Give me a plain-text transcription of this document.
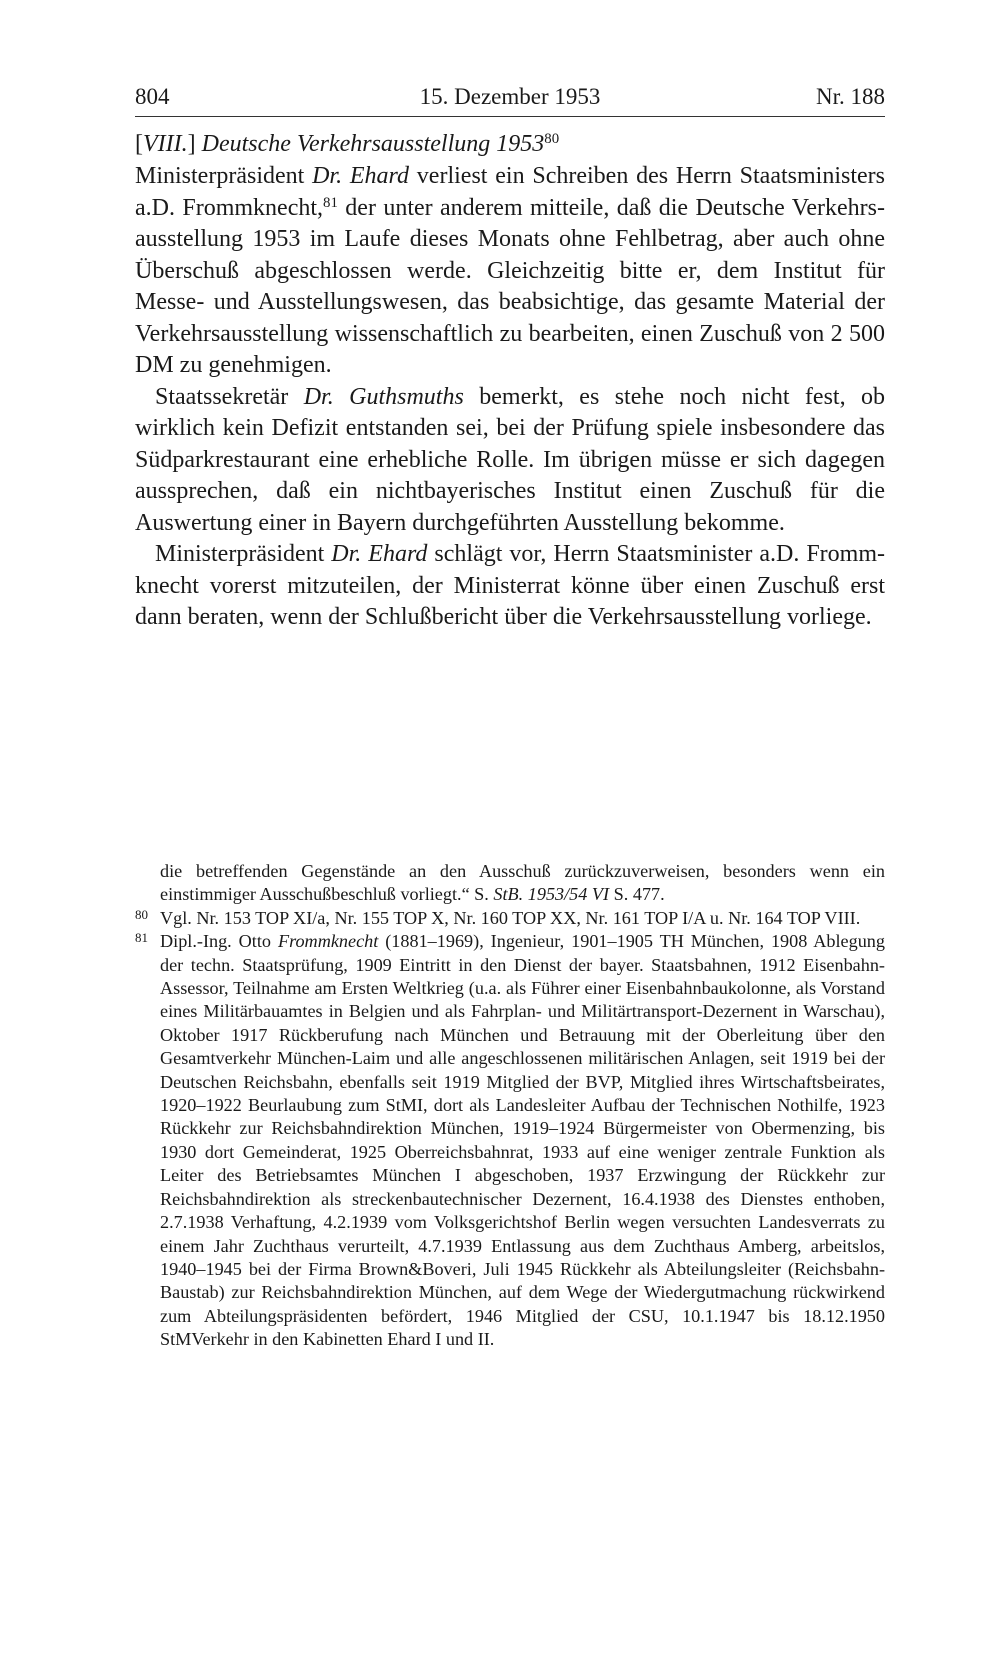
804	15. Dezember 1953	Nr. 188
[VIII.] Deutsche Verkehrsausstellung 1953$^{80}$

Ministerpräsident Dr. Ehard verliest ein Schreiben des Herrn Staatsministers a.D. Frommknecht,$^{81}$ der unter anderem mitteile, daß die Deutsche Verkehrsausstellung 1953 im Laufe dieses Monats ohne Fehlbetrag, aber auch ohne Überschuß abgeschlossen werde. Gleichzeitig bitte er, dem Institut für Messe- und Ausstellungswesen, das beabsichtige, das gesamte Material der Verkehrsausstellung wissenschaftlich zu bearbeiten, einen Zuschuß von 2 500 DM zu genehmigen.

Staatssekretär Dr. Guthsmuths bemerkt, es stehe noch nicht fest, ob wirklich kein Defizit entstanden sei, bei der Prüfung spiele insbesondere das Südparkrestaurant eine erhebliche Rolle. Im übrigen müsse er sich dagegen aussprechen, daß ein nichtbayerisches Institut einen Zuschuß für die Auswertung einer in Bayern durchgeführten Ausstellung bekomme.

Ministerpräsident Dr. Ehard schlägt vor, Herrn Staatsminister a.D. Frommknecht vorerst mitzuteilen, der Ministerrat könne über einen Zuschuß erst dann beraten, wenn der Schlußbericht über die Verkehrsausstellung vorliege.

die betreffenden Gegenstände an den Ausschuß zurückzuverweisen, besonders wenn ein einstimmiger Ausschußbeschluß vorliegt.“ S. StB. 1953/54 VI S. 477.

80 Vgl. Nr. 153 TOP XI/a, Nr. 155 TOP X, Nr. 160 TOP XX, Nr. 161 TOP I/A u. Nr. 164 TOP VIII.

81 Dipl.-Ing. Otto Frommknecht (1881–1969), Ingenieur, 1901–1905 TH München, 1908 Ablegung der techn. Staatsprüfung, 1909 Eintritt in den Dienst der bayer. Staatsbahnen, 1912 Eisenbahn-Assessor, Teilnahme am Ersten Weltkrieg (u.a. als Führer einer Eisenbahnbaukolonne, als Vorstand eines Militärbauamtes in Belgien und als Fahrplan- und Militärtransport-Dezernent in Warschau), Oktober 1917 Rückberufung nach München und Betrauung mit der Oberleitung über den Gesamtverkehr München-Laim und alle angeschlossenen militärischen Anlagen, seit 1919 bei der Deutschen Reichsbahn, ebenfalls seit 1919 Mitglied der BVP, Mitglied ihres Wirtschaftsbeirates, 1920–1922 Beurlaubung zum StMI, dort als Landesleiter Aufbau der Technischen Nothilfe, 1923 Rückkehr zur Reichsbahndirektion München, 1919–1924 Bürgermeister von Obermenzing, bis 1930 dort Gemeinderat, 1925 Oberreichsbahnrat, 1933 auf eine weniger zentrale Funktion als Leiter des Betriebsamtes München I abgeschoben, 1937 Erzwingung der Rückkehr zur Reichsbahndirektion als streckenbautechnischer Dezernent, 16.4.1938 des Dienstes enthoben, 2.7.1938 Verhaftung, 4.2.1939 vom Volksgerichtshof Berlin wegen versuchten Landesverrats zu einem Jahr Zuchthaus verurteilt, 4.7.1939 Entlassung aus dem Zuchthaus Amberg, arbeitslos, 1940–1945 bei der Firma Brown&Boveri, Juli 1945 Rückkehr als Abteilungsleiter (Reichsbahn-Baustab) zur Reichsbahndirektion München, auf dem Wege der Wiedergutmachung rückwirkend zum Abteilungspräsidenten befördert, 1946 Mitglied der CSU, 10.1.1947 bis 18.12.1950 StMVerkehr in den Kabinetten Ehard I und II.
